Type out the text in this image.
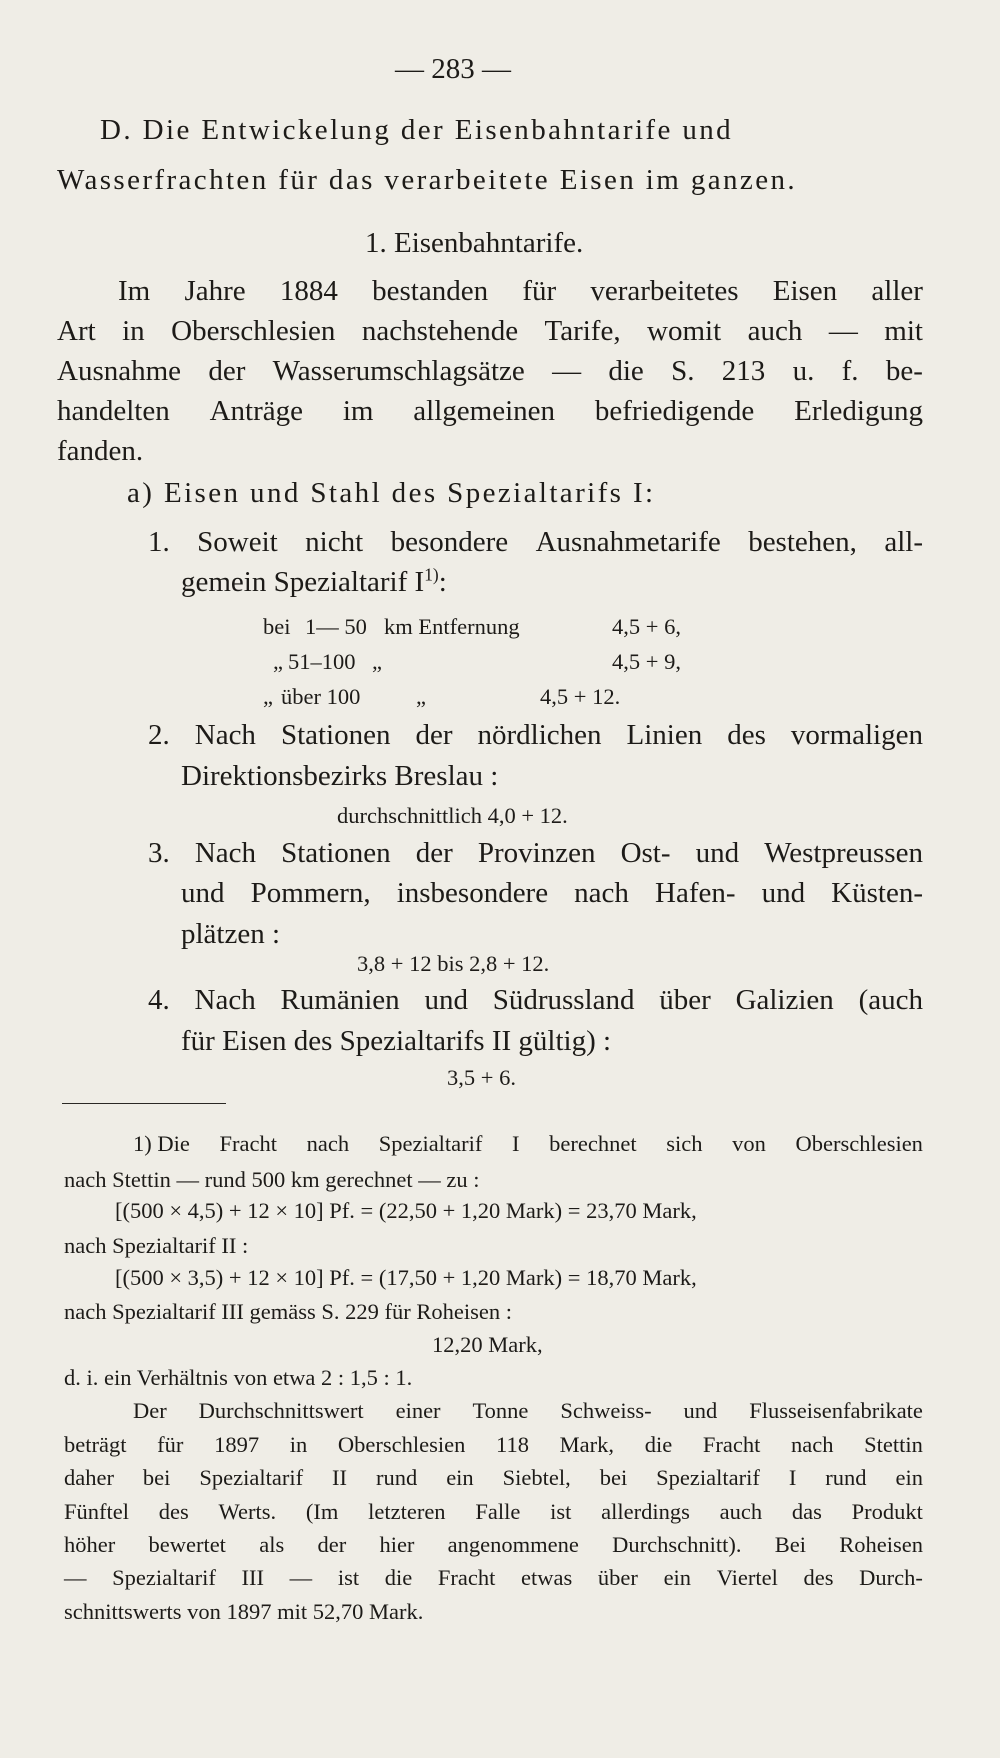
— 283 —
D. Die Entwickelung der Eisenbahntarife und
Wasserfrachten für das verarbeitete Eisen im ganzen.
1. Eisenbahntarife.
Im Jahre 1884 bestanden für verarbeitetes Eisen aller
Art in Oberschlesien nachstehende Tarife, womit auch — mit
Ausnahme der Wasserumschlagsätze — die S. 213 u. f. be-
handelten Anträge im allgemeinen befriedigende Erledigung
fanden.
a) Eisen und Stahl des Spezialtarifs I:
1. Soweit nicht besondere Ausnahmetarife bestehen, all-
gemein Spezialtarif $I^{1)}$:
bei 1— 50 km Entfernung	4,5 + 6,
„ 51–100 „	4,5 + 9,
„ über 100 „	4,5 + 12.
2. Nach Stationen der nördlichen Linien des vormaligen
Direktionsbezirks Breslau :
durchschnittlich 4,0 + 12.
3. Nach Stationen der Provinzen Ost- und Westpreussen
und Pommern, insbesondere nach Hafen- und Küsten-
plätzen :
3,8 + 12 bis 2,8 + 12.
4. Nach Rumänien und Südrussland über Galizien (auch
für Eisen des Spezialtarifs II gültig) :
3,5 + 6.
1) Die Fracht nach Spezialtarif I berechnet sich von Oberschlesien
nach Stettin — rund 500 km gerechnet — zu :
[(500 × 4,5) + 12 × 10] Pf. = (22,50 + 1,20 Mark) = 23,70 Mark,
nach Spezialtarif II :
[(500 × 3,5) + 12 × 10] Pf. = (17,50 + 1,20 Mark) = 18,70 Mark,
nach Spezialtarif III gemäss S. 229 für Roheisen :
12,20 Mark,
d. i. ein Verhältnis von etwa 2 : 1,5 : 1.
Der Durchschnittswert einer Tonne Schweiss- und Flusseisenfabrikate
beträgt für 1897 in Oberschlesien 118 Mark, die Fracht nach Stettin
daher bei Spezialtarif II rund ein Siebtel, bei Spezialtarif I rund ein
Fünftel des Werts. (Im letzteren Falle ist allerdings auch das Produkt
höher bewertet als der hier angenommene Durchschnitt). Bei Roheisen
— Spezialtarif III — ist die Fracht etwas über ein Viertel des Durch-
schnittswerts von 1897 mit 52,70 Mark.
